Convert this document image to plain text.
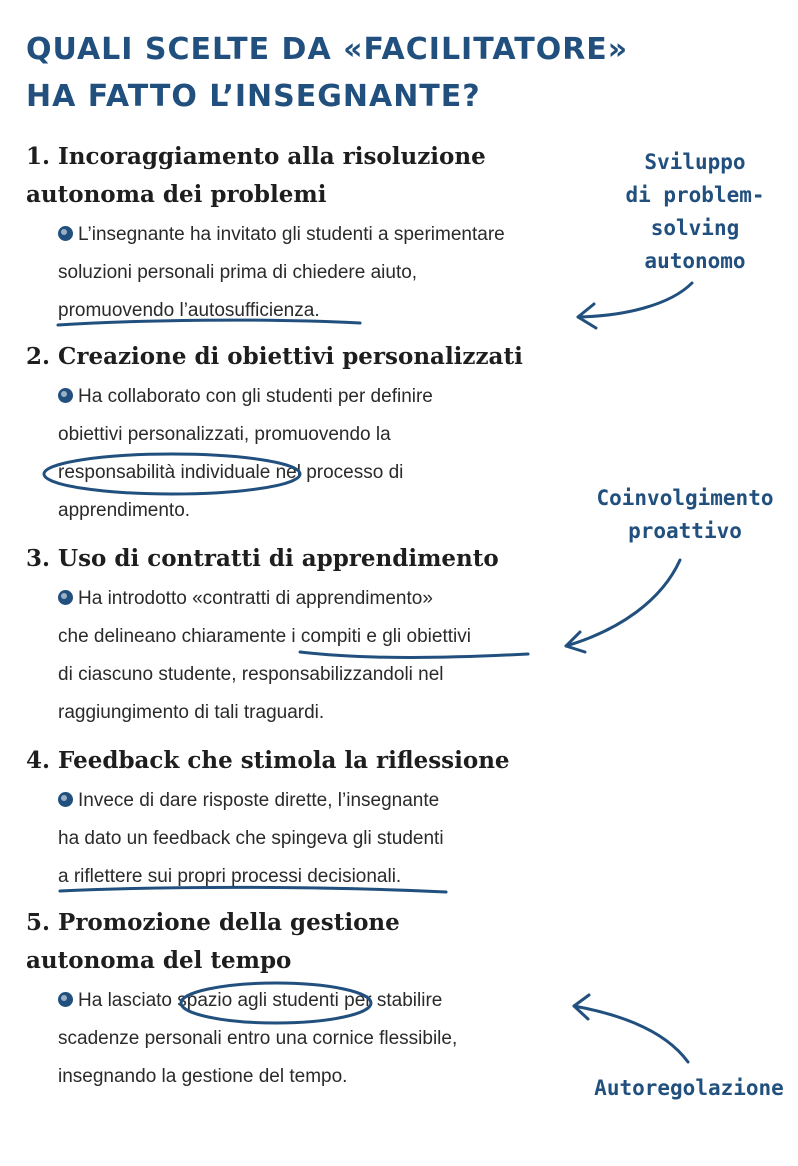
QUALI SCELTE DA «FACILITATORE»
HA FATTO L’INSEGNANTE?
1. Incoraggiamento alla risoluzione
autonoma dei problemi
L’insegnante ha invitato gli studenti a sperimentare
soluzioni personali prima di chiedere aiuto,
promuovendo l’autosufficienza.
2. Creazione di obiettivi personalizzati
Ha collaborato con gli studenti per definire
obiettivi personalizzati, promuovendo la
responsabilità individuale nel processo di
apprendimento.
3. Uso di contratti di apprendimento
Ha introdotto «contratti di apprendimento»
che delineano chiaramente i compiti e gli obiettivi
di ciascuno studente, responsabilizzandoli nel
raggiungimento di tali traguardi.
4. Feedback che stimola la riflessione
Invece di dare risposte dirette, l’insegnante
ha dato un feedback che spingeva gli studenti
a riflettere sui propri processi decisionali.
5. Promozione della gestione
autonoma del tempo
Ha lasciato spazio agli studenti per stabilire
scadenze personali entro una cornice flessibile,
insegnando la gestione del tempo.
Sviluppo
di problem-
solving
autonomo
Coinvolgimento
proattivo
Autoregolazione
